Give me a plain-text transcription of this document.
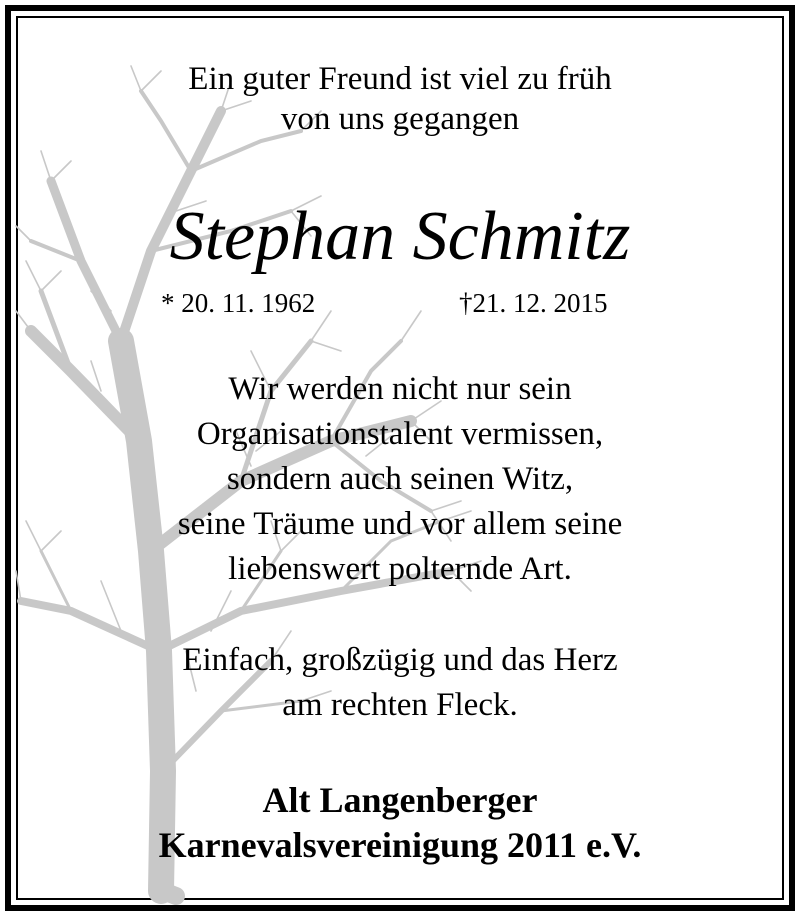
Ein guter Freund ist viel zu früh
von uns gegangen
Stephan Schmitz
* 20. 11. 1962	†21. 12. 2015
Wir werden nicht nur sein
Organisationstalent vermissen,
sondern auch seinen Witz,
seine Träume und vor allem seine
liebenswert polternde Art.
Einfach, großzügig und das Herz
am rechten Fleck.
Alt Langenberger
Karnevalsvereinigung 2011 e.V.
